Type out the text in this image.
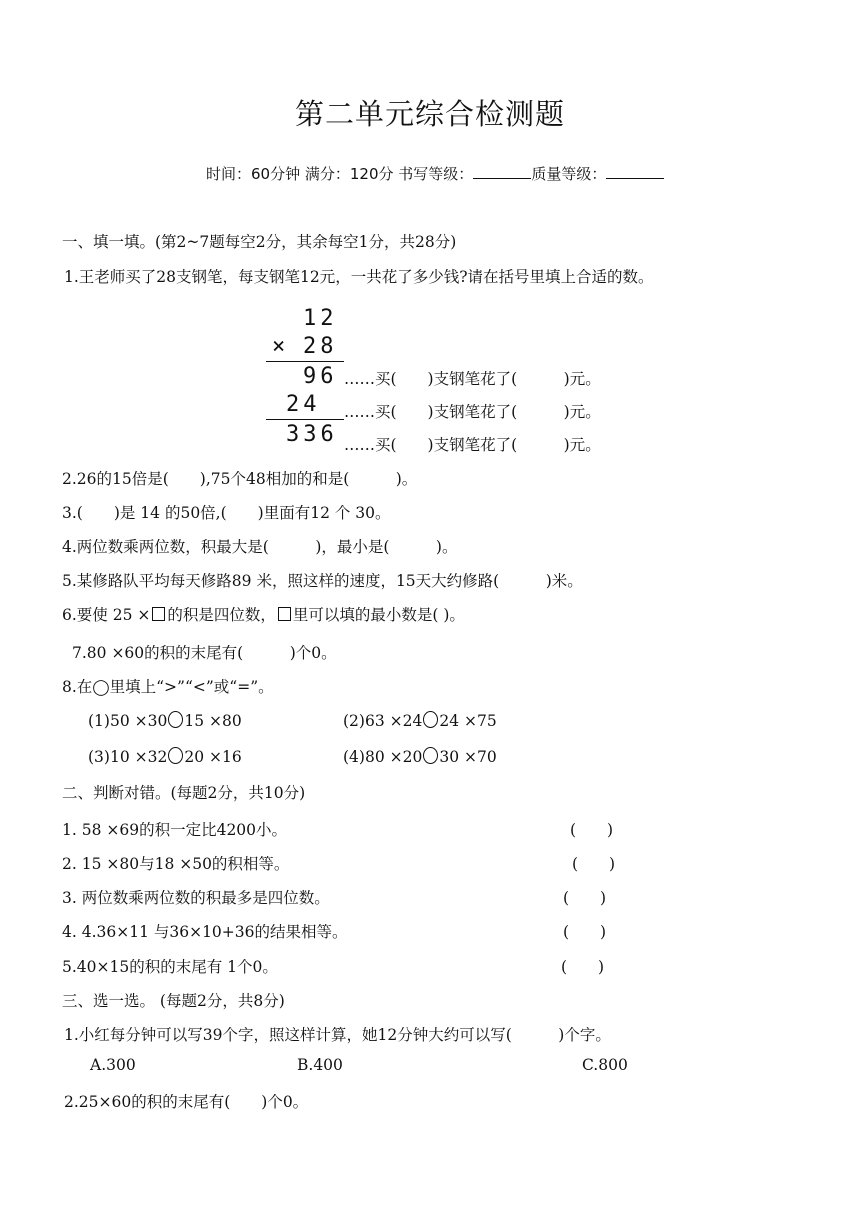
第二单元综合检测题
时间：60分钟 满分：120分 书写等级：	质量等级：
一、填一填。(第2~7题每空2分，其余每空1分，共28分)
1.王老师买了28支钢笔，每支钢笔12元，一共花了多少钱?请在括号里填上合适的数。
12
× 28
96
24
336
……买(　　)支钢笔花了(　　　)元。
……买(　　)支钢笔花了(　　　)元。
……买(　　)支钢笔花了(　　　)元。
2.26的15倍是(　　),75个48相加的和是(　　　)。
3.(　　)是 14 的50倍,(　　)里面有12 个 30。
4.两位数乘两位数，积最大是(　　　)，最小是(　　　)。
5.某修路队平均每天修路89 米，照这样的速度，15天大约修路(　　　)米。
6.要使 25 × 的积是四位数， 里可以填的最小数是( )。
7.80 ×60的积的末尾有(　　　)个0。
8.在◯里填上“>”“<”或“=”。
(1)50 ×30 15 ×80	(2)63 ×24 24 ×75
(3)10 ×32 20 ×16	(4)80 ×20 30 ×70
二、判断对错。(每题2分，共10分)
1. 58 ×69的积一定比4200小。	(　　)
2. 15 ×80与18 ×50的积相等。	(　　)
3. 两位数乘两位数的积最多是四位数。	(　　)
4. 4.36×11 与36×10+36的结果相等。	(　　)
5.40×15的积的末尾有 1个0。	(　　)
三、选一选。 (每题2分，共8分)
1.小红每分钟可以写39个字，照这样计算，她12分钟大约可以写(　　　)个字。
A.300	B.400	C.800
2.25×60的积的末尾有(　　)个0。
